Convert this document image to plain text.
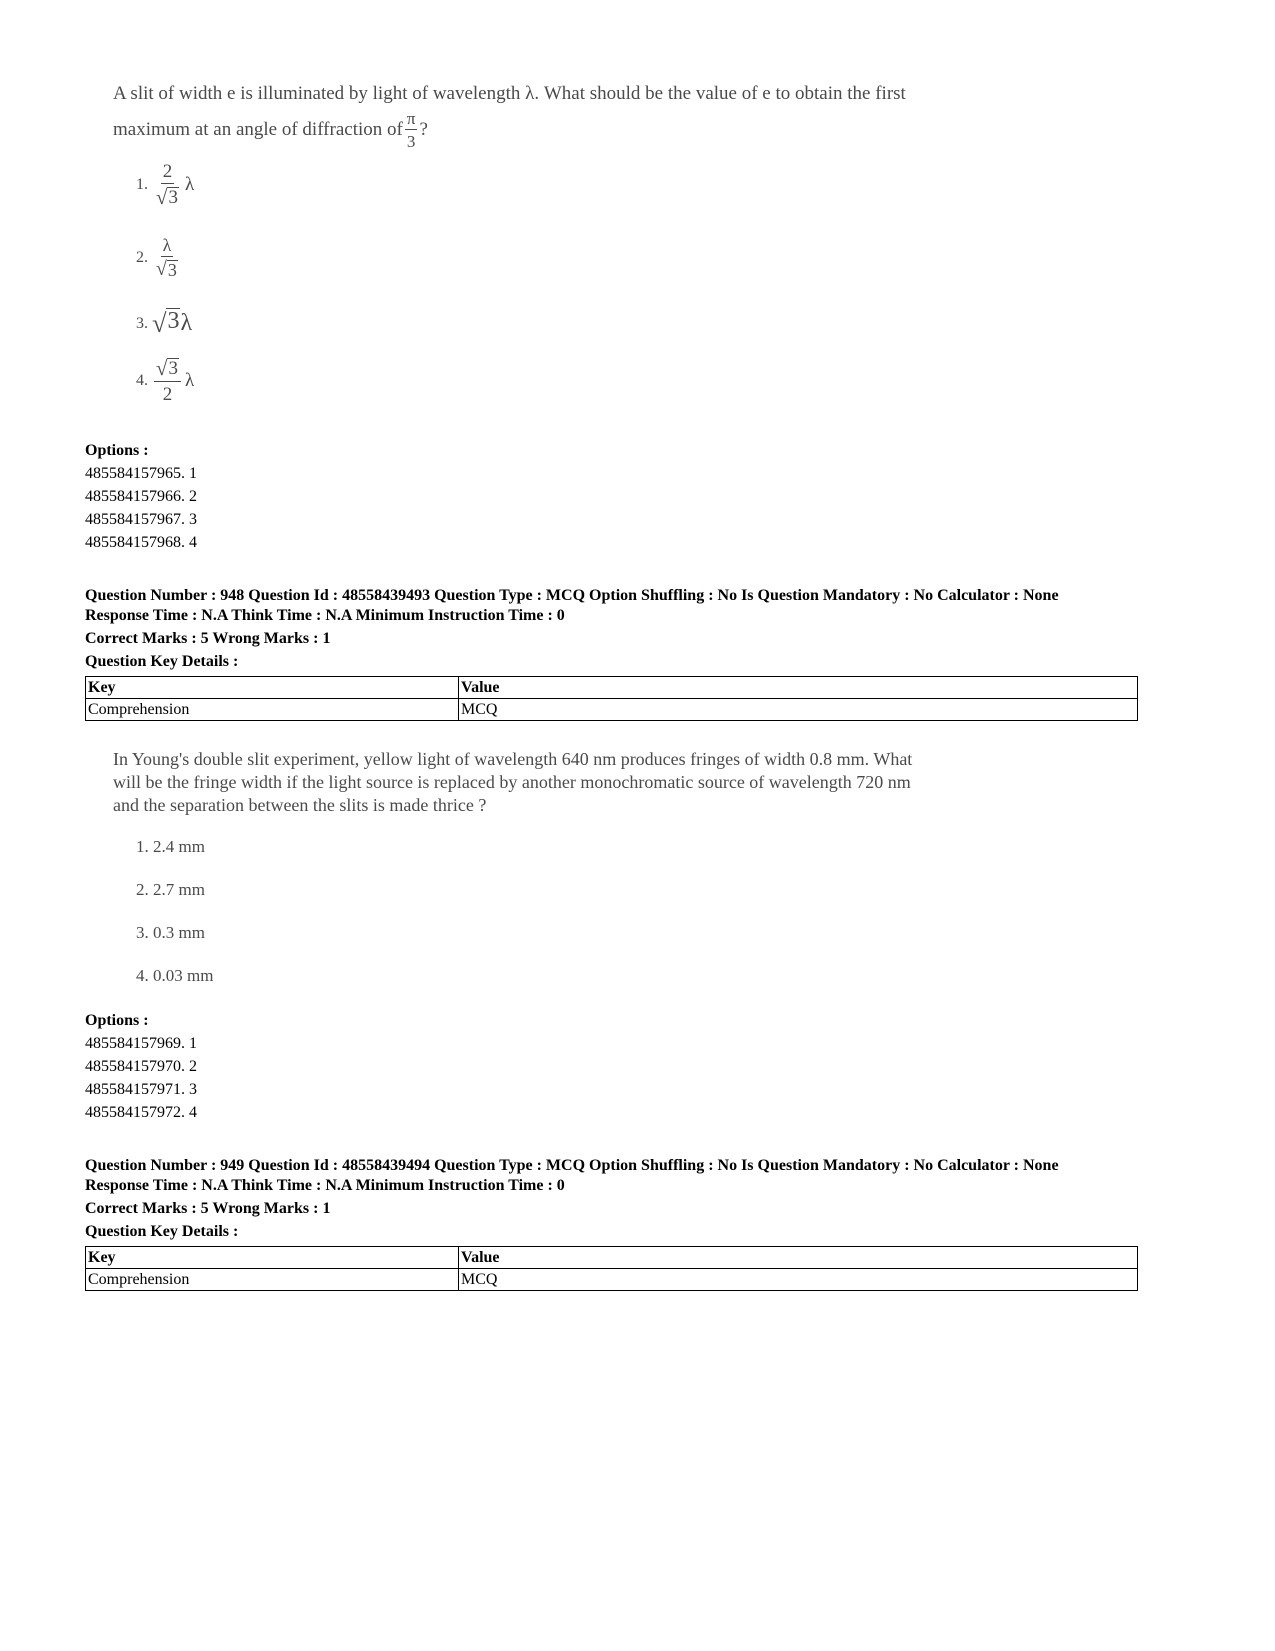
A slit of width e is illuminated by light of wavelength λ. What should be the value of e to obtain the first
maximum at an angle of diffraction of $\frac{\pi}{3}$ ?
1. $\frac{2}{√ 3}$ λ
2. $\frac{\lambda}{√ 3}$
3. √ 3 λ
4. $\frac{√ 3}{2}$ λ
Options :
485584157965. 1
485584157966. 2
485584157967. 3
485584157968. 4
Question Number : 948 Question Id : 48558439493 Question Type : MCQ Option Shuffling : No Is Question Mandatory : No Calculator : None
Response Time : N.A Think Time : N.A Minimum Instruction Time : 0
Correct Marks : 5 Wrong Marks : 1
Question Key Details :
Key	Value
Comprehension	MCQ
In Young's double slit experiment, yellow light of wavelength 640 nm produces fringes of width 0.8 mm. What
will be the fringe width if the light source is replaced by another monochromatic source of wavelength 720 nm
and the separation between the slits is made thrice ?
1. 2.4 mm
2. 2.7 mm
3. 0.3 mm
4. 0.03 mm
Options :
485584157969. 1
485584157970. 2
485584157971. 3
485584157972. 4
Question Number : 949 Question Id : 48558439494 Question Type : MCQ Option Shuffling : No Is Question Mandatory : No Calculator : None
Response Time : N.A Think Time : N.A Minimum Instruction Time : 0
Correct Marks : 5 Wrong Marks : 1
Question Key Details :
Key	Value
Comprehension	MCQ
